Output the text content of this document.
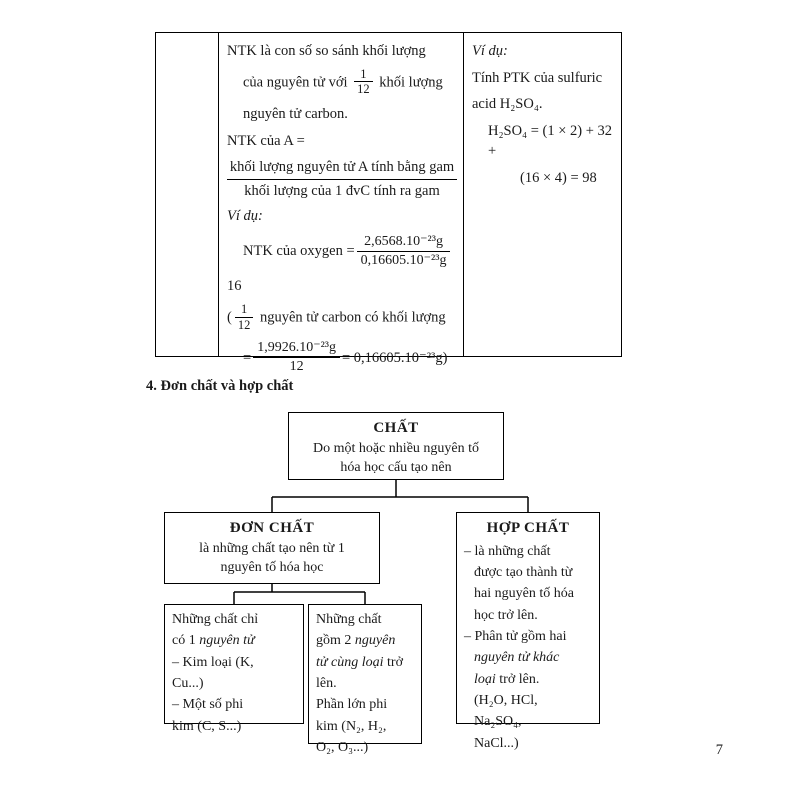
NTK là con số so sánh khối lượng

của nguyên tử với $\frac{1}{12}$ khối lượng

nguyên tử carbon.

NTK của A =

khối lượng nguyên tử A tính bằng gam
khối lượng của 1 đvC tính ra gam

Ví dụ:

NTK của oxygen = $\frac{\text{2,6568.10⁻²³g}}{\text{0,16605.10⁻²³g}}$

16

( $\frac{1}{12}$ nguyên tử carbon có khối lượng

= $\frac{\text{1,9926.10⁻²³g}}{12} = 0,16605.10^{-23}g$)

Ví dụ:

Tính PTK của sulfuric

acid H₂SO₄.

H₂SO₄ = (1 × 2) + 32 +

(16 × 4) = 98

4. Đơn chất và hợp chất
CHẤT
Do một hoặc nhiều nguyên tố
hóa học cấu tạo nên
ĐƠN CHẤT
là những chất tạo nên từ 1
nguyên tố hóa học
HỢP CHẤT

– là những chất

được tạo thành từ

hai nguyên tố hóa

học trở lên.

– Phân tử gồm hai

nguyên tử khác

loại trở lên.

(H₂O, HCl,

Na₂SO₄,

NaCl...)

Những chất chỉ

có 1 nguyên tử

– Kim loại (K,

Cu...)

– Một số phi

kim (C, S...)

Những chất

gồm 2 nguyên

tử cùng loại trở

lên.

Phần lớn phi

kim (N₂, H₂,

O₂, O₃...)	7
